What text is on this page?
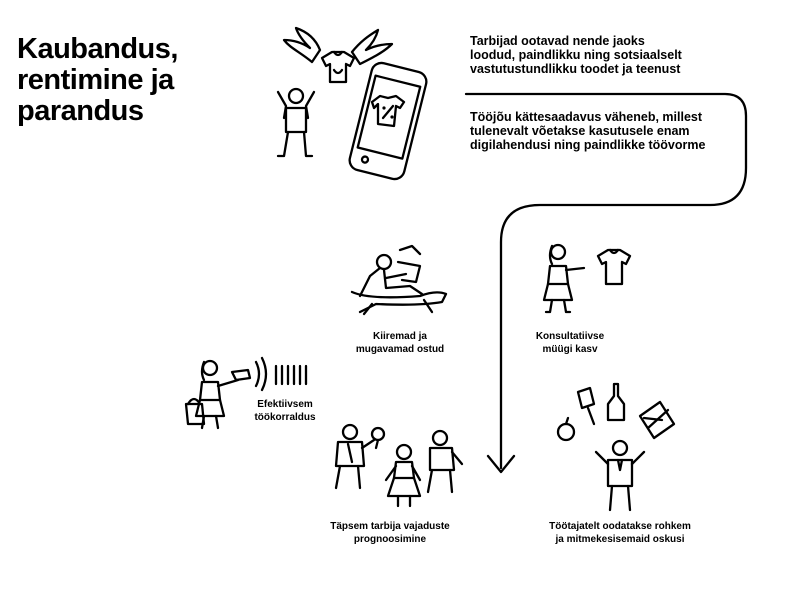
Kaubandus,
rentimine ja
parandus
Tarbijad ootavad nende jaoks
loodud, paindlikku ning sotsiaalselt
vastutustundlikku toodet ja teenust
Tööjõu kättesaadavus väheneb, millest
tulenevalt võetakse kasutusele enam
digilahendusi ning paindlikke töövorme
Kiiremad ja
mugavamad ostud
Konsultatiivse
müügi kasv
Efektiivsem
töökorraldus
Täpsem tarbija vajaduste
prognoosimine
Töötajatelt oodatakse rohkem
ja mitmekesisemaid oskusi
